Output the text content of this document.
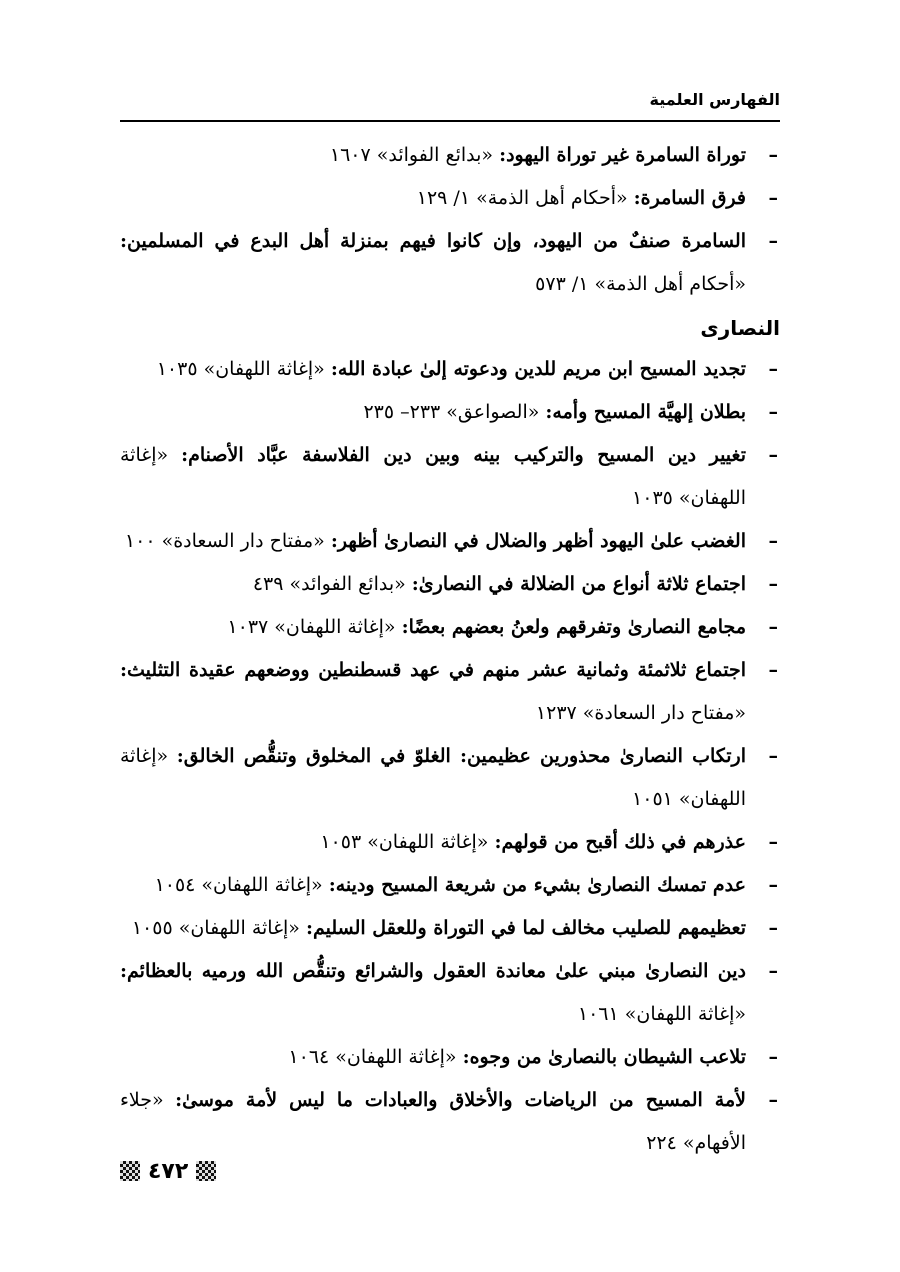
الفهارس العلمية

–
توراة السامرة غير توراة اليهود: «بدائع الفوائد» ١٦٠٧

–
فرق السامرة: «أحكام أهل الذمة» ١/ ١٢٩

–
السامرة صنفٌ من اليهود، وإن كانوا فيهم بمنزلة أهل البدع في المسلمين: «أحكام أهل الذمة» ١/ ٥٧٣

النصارى

–
تجديد المسيح ابن مريم للدين ودعوته إلىٰ عبادة الله: «إغاثة اللهفان» ١٠٣٥

–
بطلان إلهيَّة المسيح وأمه: «الصواعق» ٢٣٣– ٢٣٥

–
تغيير دين المسيح والتركيب بينه وبين دين الفلاسفة عبَّاد الأصنام: «إغاثة اللهفان» ١٠٣٥

–
الغضب علىٰ اليهود أظهر والضلال في النصارىٰ أظهر: «مفتاح دار السعادة» ١٠٠

–
اجتماع ثلاثة أنواع من الضلالة في النصارىٰ: «بدائع الفوائد» ٤٣٩

–
مجامع النصارىٰ وتفرقهم ولعنُ بعضهم بعضًا: «إغاثة اللهفان» ١٠٣٧

–
اجتماع ثلاثمئة وثمانية عشر منهم في عهد قسطنطين ووضعهم عقيدة التثليث: «مفتاح دار السعادة» ١٢٣٧

–
ارتكاب النصارىٰ محذورين عظيمين: الغلوّ في المخلوق وتنقُّص الخالق: «إغاثة اللهفان» ١٠٥١

–
عذرهم في ذلك أقبح من قولهم: «إغاثة اللهفان» ١٠٥٣

–
عدم تمسك النصارىٰ بشيء من شريعة المسيح ودينه: «إغاثة اللهفان» ١٠٥٤

–
تعظيمهم للصليب مخالف لما في التوراة وللعقل السليم: «إغاثة اللهفان» ١٠٥٥

–
دين النصارىٰ مبني علىٰ معاندة العقول والشرائع وتنقُّص الله ورميه بالعظائم: «إغاثة اللهفان» ١٠٦١

–
تلاعب الشيطان بالنصارىٰ من وجوه: «إغاثة اللهفان» ١٠٦٤

–
لأمة المسيح من الرياضات والأخلاق والعبادات ما ليس لأمة موسىٰ: «جلاء الأفهام» ٢٢٤

٤٧٢
